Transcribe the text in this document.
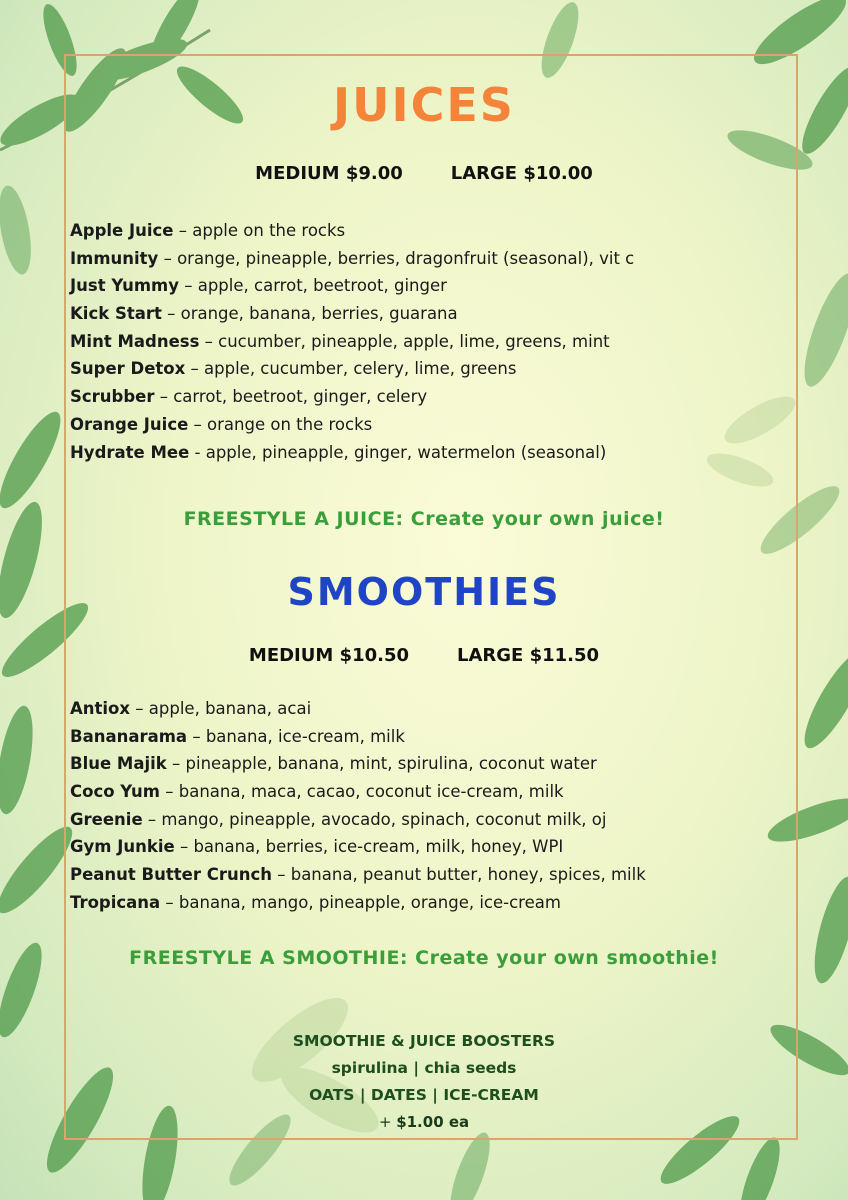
JUICES
MEDIUM $9.00	LARGE $10.00
Apple Juice – apple on the rocks
Immunity – orange, pineapple, berries, dragonfruit (seasonal), vit c
Just Yummy – apple, carrot, beetroot, ginger
Kick Start – orange, banana, berries, guarana
Mint Madness – cucumber, pineapple, apple, lime, greens, mint
Super Detox – apple, cucumber, celery, lime, greens
Scrubber – carrot, beetroot, ginger, celery
Orange Juice – orange on the rocks
Hydrate Mee - apple, pineapple, ginger, watermelon (seasonal)
FREESTYLE A JUICE: Create your own juice!
SMOOTHIES
MEDIUM $10.50	LARGE $11.50
Antiox – apple, banana, acai
Bananarama – banana, ice-cream, milk
Blue Majik – pineapple, banana, mint, spirulina, coconut water
Coco Yum – banana, maca, cacao, coconut ice-cream, milk
Greenie – mango, pineapple, avocado, spinach, coconut milk, oj
Gym Junkie – banana, berries, ice-cream, milk, honey, WPI
Peanut Butter Crunch – banana, peanut butter, honey, spices, milk
Tropicana – banana, mango, pineapple, orange, ice-cream
FREESTYLE A SMOOTHIE: Create your own smoothie!
SMOOTHIE & JUICE BOOSTERS
spirulina | chia seeds
OATS | DATES | ICE-CREAM
+ $1.00 ea
